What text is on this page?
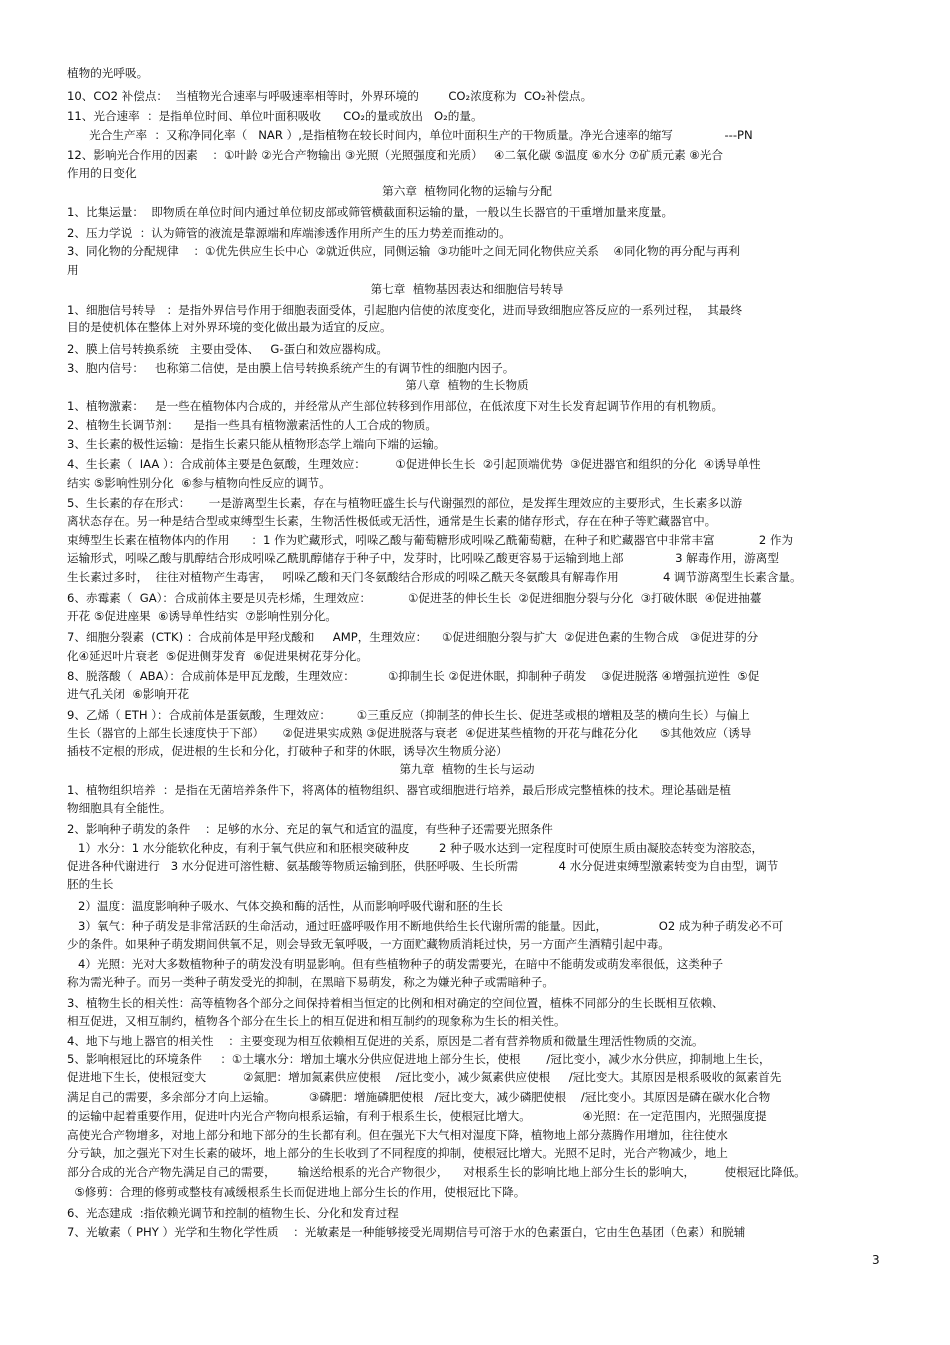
植物的光呼吸。
10、CO2 补偿点：  当植物光合速率与呼吸速率相等时，外界环境的        CO₂浓度称为  CO₂补偿点。
11、光合速率  ：是指单位时间、单位叶面积吸收      CO₂的量或放出   O₂的量。
光合生产率  ：又称净同化率（   NAR ）,是指植物在较长时间内，单位叶面积生产的干物质量。净光合速率的缩写              ---PN
12、影响光合作用的因素    ：①叶龄 ②光合产物输出 ③光照（光照强度和光质）   ④二氧化碳 ⑤温度 ⑥水分 ⑦矿质元素 ⑧光合
作用的日变化
第六章  植物同化物的运输与分配
1、比集运量：  即物质在单位时间内通过单位韧皮部或筛管横截面积运输的量，一般以生长器官的干重增加量来度量。
2、压力学说  ：认为筛管的液流是靠源端和库端渗透作用所产生的压力势差而推动的。
3、同化物的分配规律    ：①优先供应生长中心  ②就近供应，同侧运输  ③功能叶之间无同化物供应关系    ④同化物的再分配与再利
用
第七章  植物基因表达和细胞信号转导
1、细胞信号转导   ：是指外界信号作用于细胞表面受体，引起胞内信使的浓度变化，进而导致细胞应答反应的一系列过程，  其最终
目的是使机体在整体上对外界环境的变化做出最为适宜的反应。
2、膜上信号转换系统   主要由受体、   G-蛋白和效应器构成。
3、胞内信号：   也称第二信使，是由膜上信号转换系统产生的有调节性的细胞内因子。
第八章  植物的生长物质
1、植物激素：   是一些在植物体内合成的，并经常从产生部位转移到作用部位，在低浓度下对生长发育起调节作用的有机物质。
2、植物生长调节剂：    是指一些具有植物激素活性的人工合成的物质。
3、生长素的极性运输：是指生长素只能从植物形态学上端向下端的运输。
4、生长素（  IAA ）：合成前体主要是色氨酸，生理效应：        ①促进伸长生长  ②引起顶端优势  ③促进器官和组织的分化  ④诱导单性
结实 ⑤影响性别分化  ⑥参与植物向性反应的调节。
5、生长素的存在形式：     一是游离型生长素，存在与植物旺盛生长与代谢强烈的部位，是发挥生理效应的主要形式，生长素多以游
离状态存在。另一种是结合型或束缚型生长素，生物活性极低或无活性，通常是生长素的储存形式，存在在种子等贮藏器官中。
束缚型生长素在植物体内的作用      ：1 作为贮藏形式，吲哚乙酸与葡萄糖形成吲哚乙酰葡萄糖，在种子和贮藏器官中非常丰富            2 作为
运输形式，吲哚乙酸与肌醇结合形成吲哚乙酰肌醇储存于种子中，发芽时，比吲哚乙酸更容易于运输到地上部              3 解毒作用，游离型
生长素过多时，  往往对植物产生毒害，   吲哚乙酸和天门冬氨酸结合形成的吲哚乙酰天冬氨酸具有解毒作用            4 调节游离型生长素含量。
6、赤霉素（  GA）：合成前体主要是贝壳杉烯，生理效应：          ①促进茎的伸长生长  ②促进细胞分裂与分化  ③打破休眠  ④促进抽薹
开花 ⑤促进座果  ⑥诱导单性结实  ⑦影响性别分化。
7、细胞分裂素  (CTK) ：合成前体是甲羟戊酸和     AMP，生理效应：    ①促进细胞分裂与扩大  ②促进色素的生物合成   ③促进芽的分
化④延迟叶片衰老  ⑤促进侧芽发育  ⑥促进果树花芽分化。
8、脱落酸（  ABA）：合成前体是甲瓦龙酸，生理效应：         ①抑制生长 ②促进休眠，抑制种子萌发    ③促进脱落 ④增强抗逆性  ⑤促
进气孔关闭  ⑥影响开花
9、乙烯（ ETH ）：合成前体是蛋氨酸，生理效应：       ①三重反应（抑制茎的伸长生长、促进茎或根的增粗及茎的横向生长）与偏上
生长（器官的上部生长速度快于下部）     ②促进果实成熟 ③促进脱落与衰老  ④促进某些植物的开花与雌花分化      ⑤其他效应（诱导
插枝不定根的形成，促进根的生长和分化，打破种子和芽的休眠，诱导次生物质分泌）
第九章  植物的生长与运动
1、植物组织培养  ：是指在无菌培养条件下，将离体的植物组织、器官或细胞进行培养，最后形成完整植株的技术。理论基础是植
物细胞具有全能性。
2、影响种子萌发的条件    ：足够的水分、充足的氧气和适宜的温度，有些种子还需要光照条件
1）水分：1 水分能软化种皮，有利于氧气供应和和胚根突破种皮        2 种子吸水达到一定程度时可使原生质由凝胶态转变为溶胶态，
促进各种代谢进行   3 水分促进可溶性糖、氨基酸等物质运输到胚，供胚呼吸、生长所需           4 水分促进束缚型激素转变为自由型，调节
胚的生长
2）温度：温度影响种子吸水、气体交换和酶的活性，从而影响呼吸代谢和胚的生长
3）氧气：种子萌发是非常活跃的生命活动，通过旺盛呼吸作用不断地供给生长代谢所需的能量。因此，              O2 成为种子萌发必不可
少的条件。如果种子萌发期间供氧不足，则会导致无氧呼吸，一方面贮藏物质消耗过快，另一方面产生酒精引起中毒。
4）光照：光对大多数植物种子的萌发没有明显影响。但有些植物种子的萌发需要光，在暗中不能萌发或萌发率很低，这类种子
称为需光种子。而另一类种子萌发受光的抑制，在黑暗下易萌发，称之为嫌光种子或需暗种子。
3、植物生长的相关性：高等植物各个部分之间保持着相当恒定的比例和相对确定的空间位置，植株不同部分的生长既相互依赖、
相互促进，又相互制约，植物各个部分在生长上的相互促进和相互制约的现象称为生长的相关性。
4、地下与地上器官的相关性    ：主要变现为相互依赖相互促进的关系，原因是二者有营养物质和微量生理活性物质的交流。
5、影响根冠比的环境条件     ：①土壤水分：增加土壤水分供应促进地上部分生长，使根       /冠比变小，减少水分供应，抑制地上生长，
促进地下生长，使根冠变大          ②氮肥：增加氮素供应使根    /冠比变小，减少氮素供应使根     /冠比变大。其原因是根系吸收的氮素首先
满足自己的需要，多余部分才向上运输。         ③磷肥：增施磷肥使根   /冠比变大，减少磷肥使根    /冠比变小。其原因是磷在碳水化合物
的运输中起着重要作用，促进叶内光合产物向根系运输，有利于根系生长，使根冠比增大。              ④光照：在一定范围内，光照强度提
高使光合产物增多，对地上部分和地下部分的生长都有利。但在强光下大气相对湿度下降，植物地上部分蒸腾作用增加，往往使水
分亏缺，加之强光下对生长素的破坏，地上部分的生长收到了不同程度的抑制，使根冠比增大。光照不足时，光合产物减少，地上
部分合成的光合产物先满足自己的需要，      输送给根系的光合产物很少，    对根系生长的影响比地上部分生长的影响大，        使根冠比降低。
⑤修剪：合理的修剪或整枝有减缓根系生长而促进地上部分生长的作用，使根冠比下降。
6、光态建成  :指依赖光调节和控制的植物生长、分化和发育过程
7、光敏素（ PHY ）光学和生物化学性质    ：光敏素是一种能够接受光周期信号可溶于水的色素蛋白，它由生色基团（色素）和脱辅
3
